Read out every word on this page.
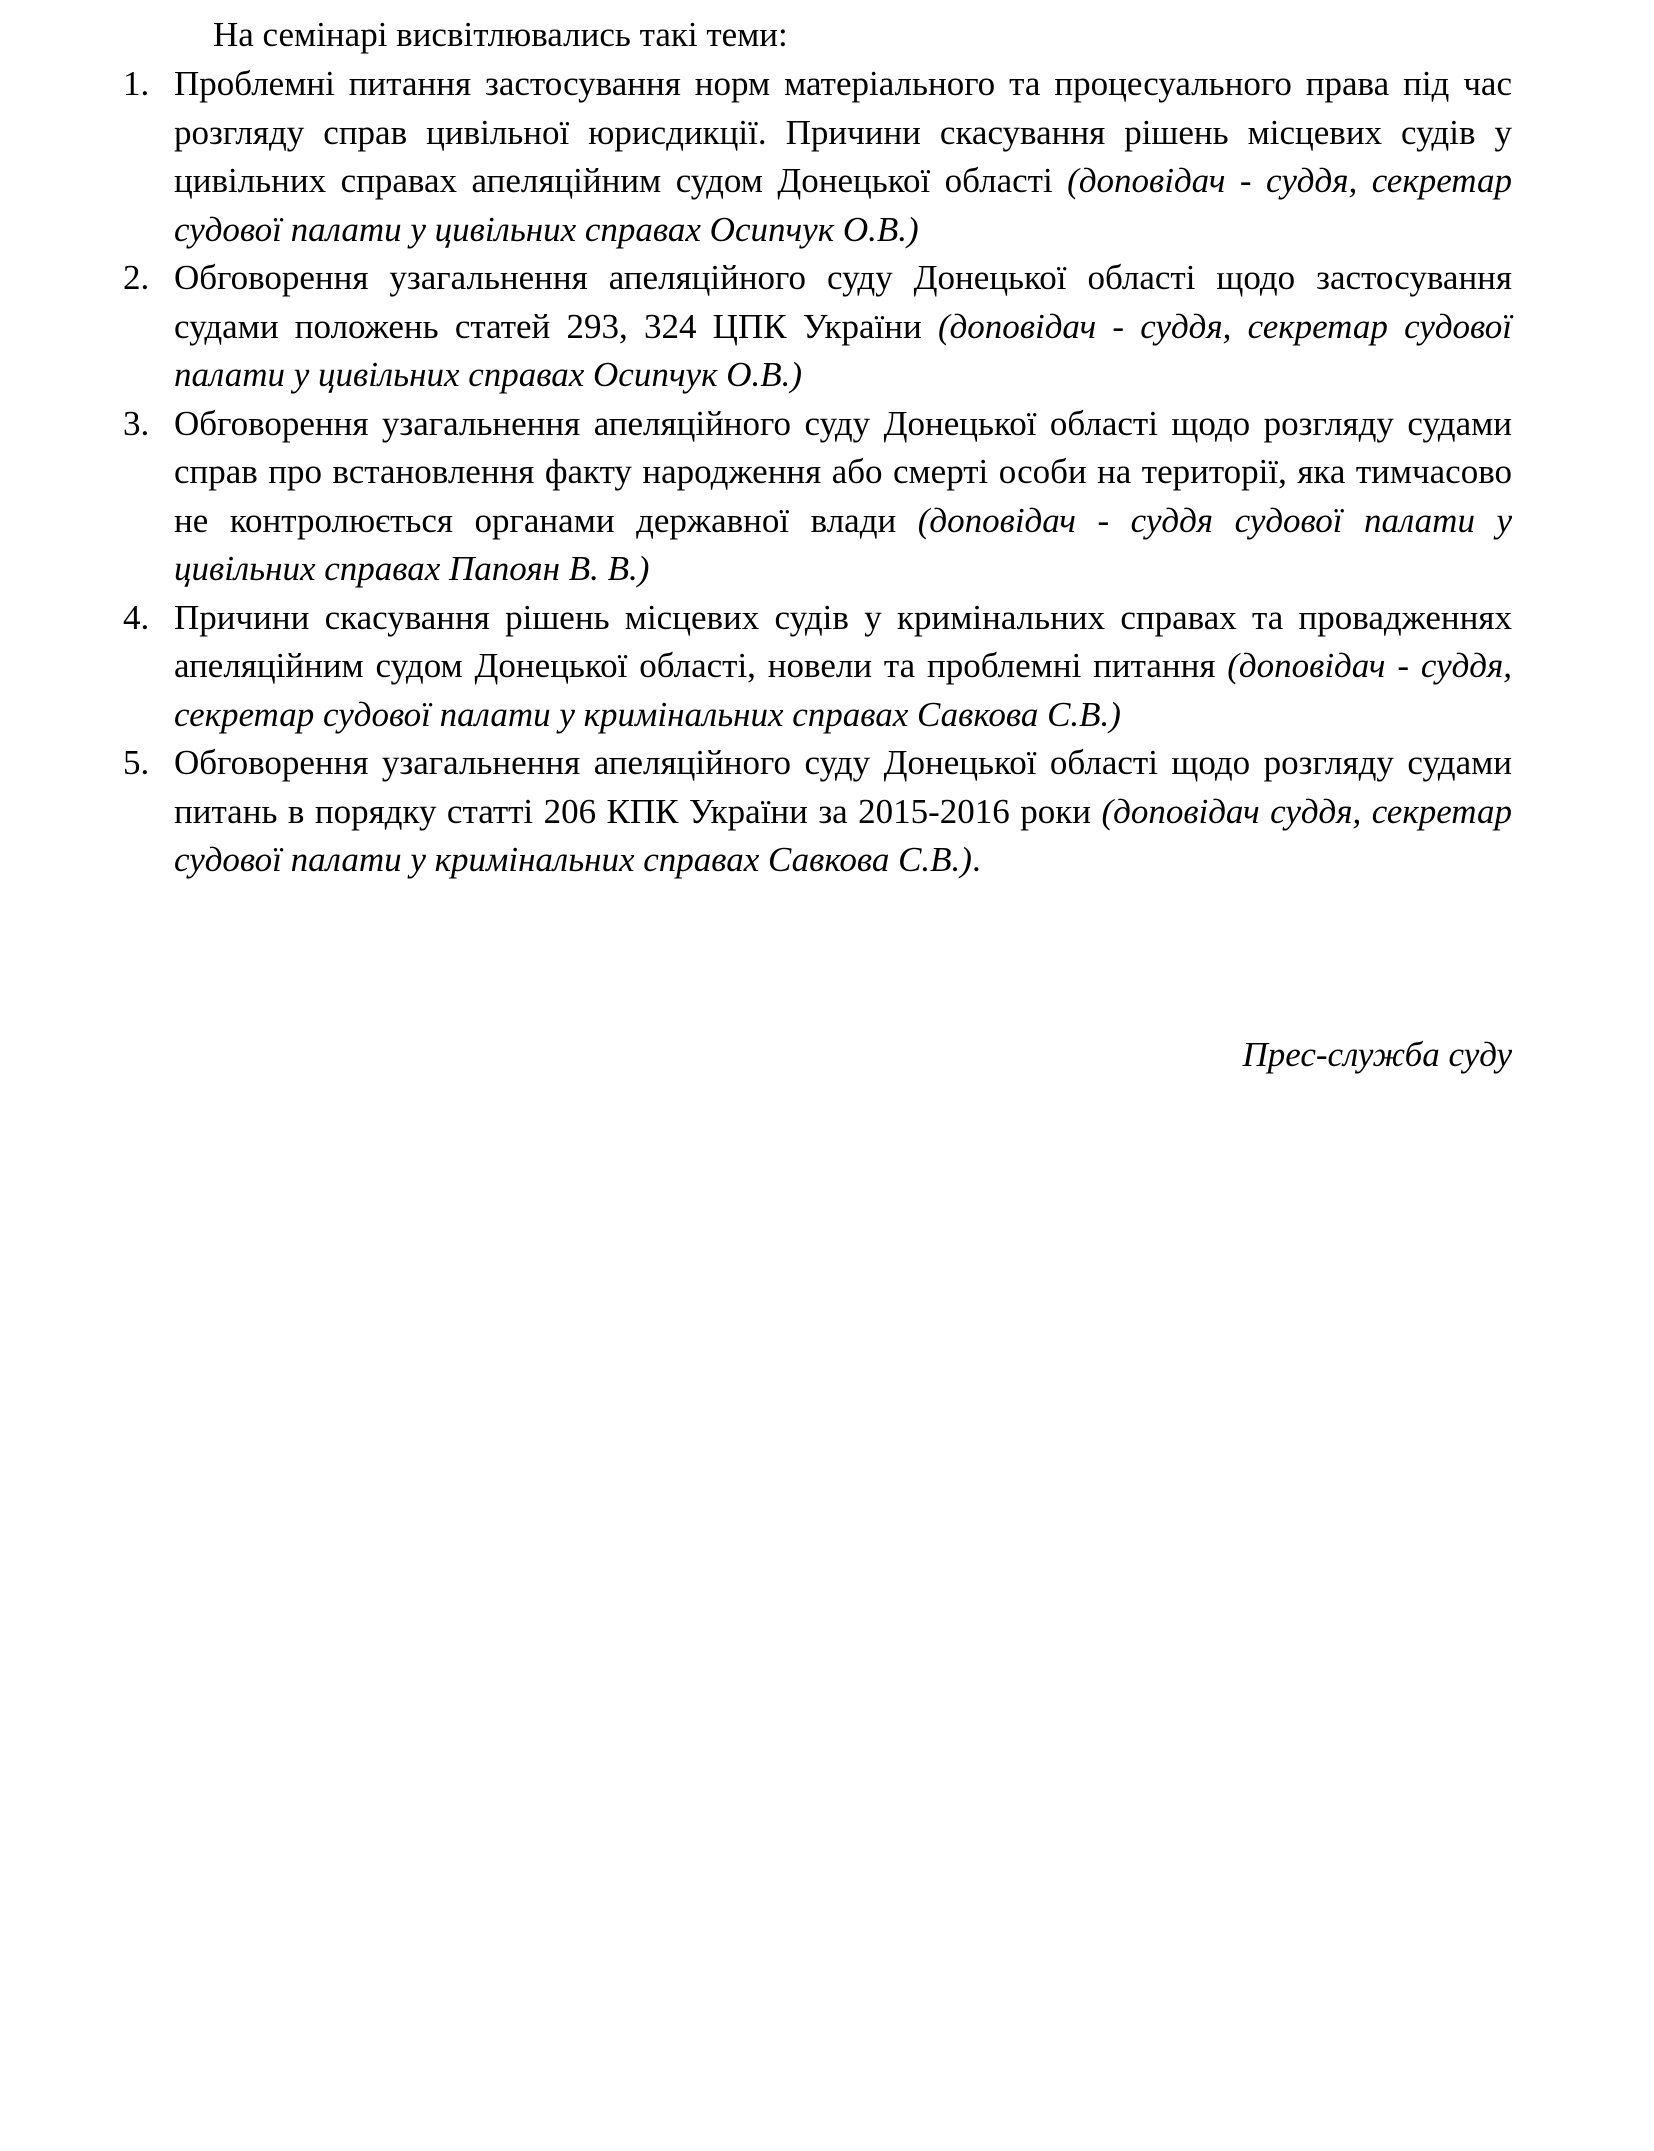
На семінарі висвітлювались такі теми:

1. Проблемні питання застосування норм матеріального та процесуального права під час розгляду справ цивільної юрисдикції. Причини скасування рішень місцевих судів у цивільних справах апеляційним судом Донецької області (доповідач - суддя, секретар судової палати у цивільних справах Осипчук О.В.)
2. Обговорення узагальнення апеляційного суду Донецької області щодо застосування судами положень статей 293, 324 ЦПК України (доповідач - суддя, секретар судової палати у цивільних справах Осипчук О.В.)
3. Обговорення узагальнення апеляційного суду Донецької області щодо розгляду судами справ про встановлення факту народження або смерті особи на території, яка тимчасово не контролюється органами державної влади (доповідач - суддя судової палати у цивільних справах Папоян В. В.)
4. Причини скасування рішень місцевих судів у кримінальних справах та провадженнях апеляційним судом Донецької області, новели та проблемні питання (доповідач - суддя, секретар судової палати у кримінальних справах Савкова С.В.)
5. Обговорення узагальнення апеляційного суду Донецької області щодо розгляду судами питань в порядку статті 206 КПК України за 2015-2016 роки (доповідач суддя, секретар судової палати у кримінальних справах Савкова С.В.).

Прес-служба суду
